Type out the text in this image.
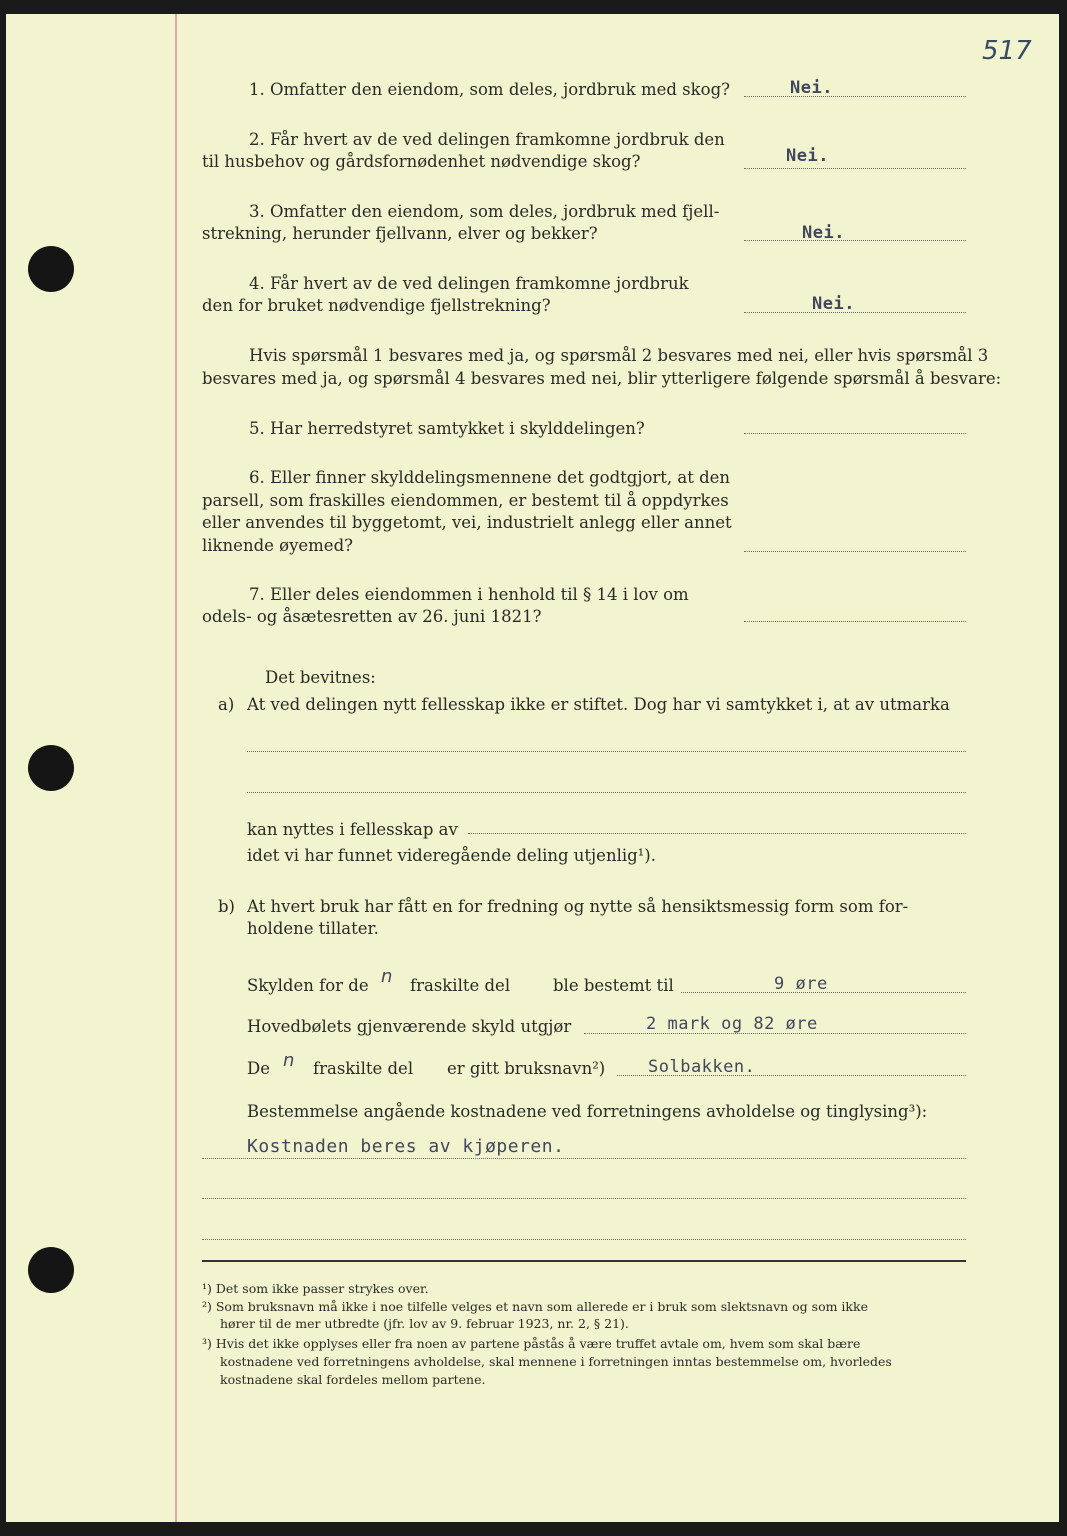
517
1. Omfatter den eiendom, som deles, jordbruk med skog?	Nei.
2. Får hvert av de ved delingen framkomne jordbruk den
til husbehov og gårdsfornødenhet nødvendige skog?	Nei.
3. Omfatter den eiendom, som deles, jordbruk med fjell-
strekning, herunder fjellvann, elver og bekker?	Nei.
4. Får hvert av de ved delingen framkomne jordbruk
den for bruket nødvendige fjellstrekning?	Nei.
Hvis spørsmål 1 besvares med ja, og spørsmål 2 besvares med nei, eller hvis spørsmål 3
besvares med ja, og spørsmål 4 besvares med nei, blir ytterligere følgende spørsmål å besvare:
5. Har herredstyret samtykket i skylddelingen?
6. Eller finner skylddelingsmennene det godtgjort, at den
parsell, som fraskilles eiendommen, er bestemt til å oppdyrkes
eller anvendes til byggetomt, vei, industrielt anlegg eller annet
liknende øyemed?
7. Eller deles eiendommen i henhold til § 14 i lov om
odels- og åsætesretten av 26. juni 1821?
Det bevitnes:
a) At ved delingen nytt fellesskap ikke er stiftet. Dog har vi samtykket i, at av utmarka
kan nyttes i fellesskap av
idet vi har funnet videregående deling utjenlig¹).
b) At hvert bruk har fått en for fredning og nytte så hensiktsmessig form som for-
holdene tillater.
Skylden for de n fraskilte del	ble bestemt til	9 øre
Hovedbølets gjenværende skyld utgjør	2 mark og 82 øre
De n fraskilte del er gitt bruksnavn²)	Solbakken.
Bestemmelse angående kostnadene ved forretningens avholdelse og tinglysing³):
Kostnaden beres av kjøperen.
¹) Det som ikke passer strykes over.
²) Som bruksnavn må ikke i noe tilfelle velges et navn som allerede er i bruk som slektsnavn og som ikke
hører til de mer utbredte (jfr. lov av 9. februar 1923, nr. 2, § 21).
³) Hvis det ikke opplyses eller fra noen av partene påstås å være truffet avtale om, hvem som skal bære
kostnadene ved forretningens avholdelse, skal mennene i forretningen inntas bestemmelse om, hvorledes
kostnadene skal fordeles mellom partene.
